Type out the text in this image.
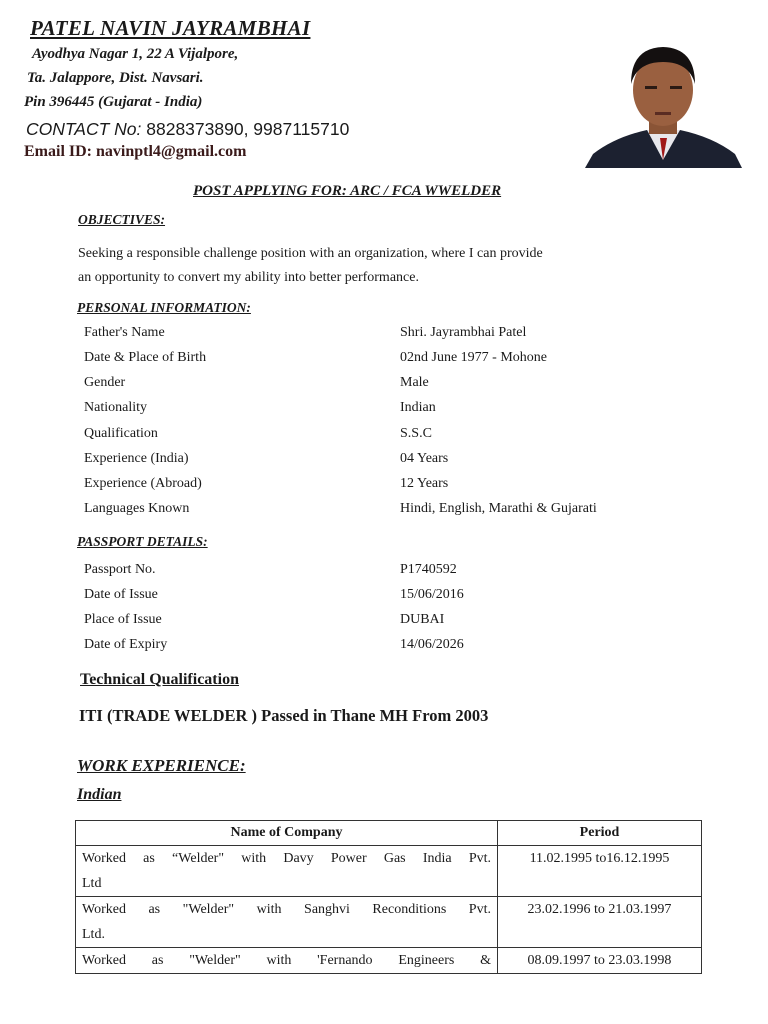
PATEL NAVIN JAYRAMBHAI
Ayodhya Nagar 1, 22 A Vijalpore,
Ta. Jalappore, Dist. Navsari.
Pin 396445 (Gujarat - India)
CONTACT No: 8828373890, 9987115710
Email ID: navinptl4@gmail.com
POST APPLYING FOR: ARC / FCA WWELDER
OBJECTIVES:
Seeking a responsible challenge position with an organization, where I can provide
an opportunity to convert my ability into better performance.
PERSONAL INFORMATION:
Father's Name	Shri. Jayrambhai Patel
Date & Place of Birth	02nd June 1977 - Mohone
Gender	Male
Nationality	Indian
Qualification	S.S.C
Experience (India)	04 Years
Experience (Abroad)	12 Years
Languages Known	Hindi, English, Marathi & Gujarati
PASSPORT DETAILS:
Passport No.	P1740592
Date of Issue	15/06/2016
Place of Issue	DUBAI
Date of Expiry	14/06/2026
Technical Qualification
ITI (TRADE WELDER ) Passed in Thane MH From 2003
WORK EXPERIENCE:
Indian
Name of Company	Period

Worked as “Welder" with Davy Power Gas India Pvt.
Ltd	11.02.1995 to16.12.1995

Worked as "Welder" with Sanghvi Reconditions Pvt.
Ltd.	23.02.1996 to 21.03.1997

Worked as "Welder" with 'Fernando Engineers &	08.09.1997 to 23.03.1998
